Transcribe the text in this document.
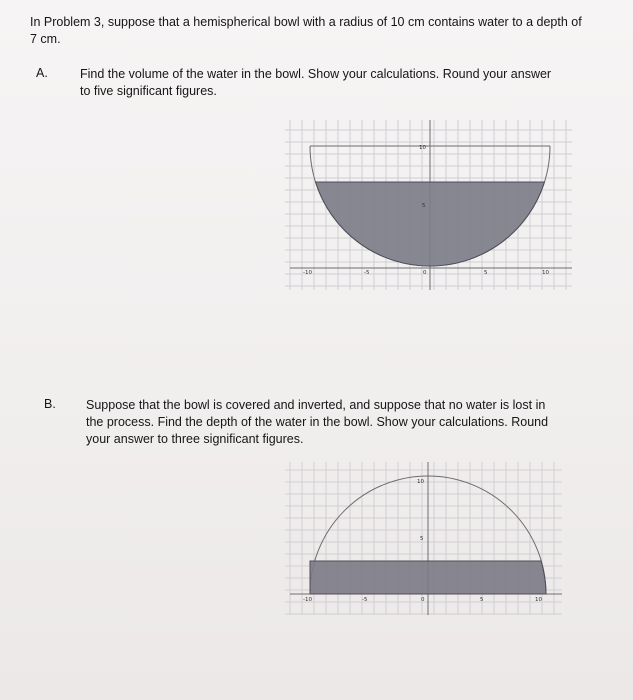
In Problem 3, suppose that a hemispherical bowl with a radius of 10 cm contains water to a depth of 7 cm.
A.	Find the volume of the water in the bowl. Show your calculations. Round your answer to five significant figures.
10
5
-10	-5	0	5	10
B. Suppose that the bowl is covered and inverted, and suppose that no water is lost in the process. Find the depth of the water in the bowl. Show your calculations. Round your answer to three significant figures.
10
5
-10	-5	0	5	10
